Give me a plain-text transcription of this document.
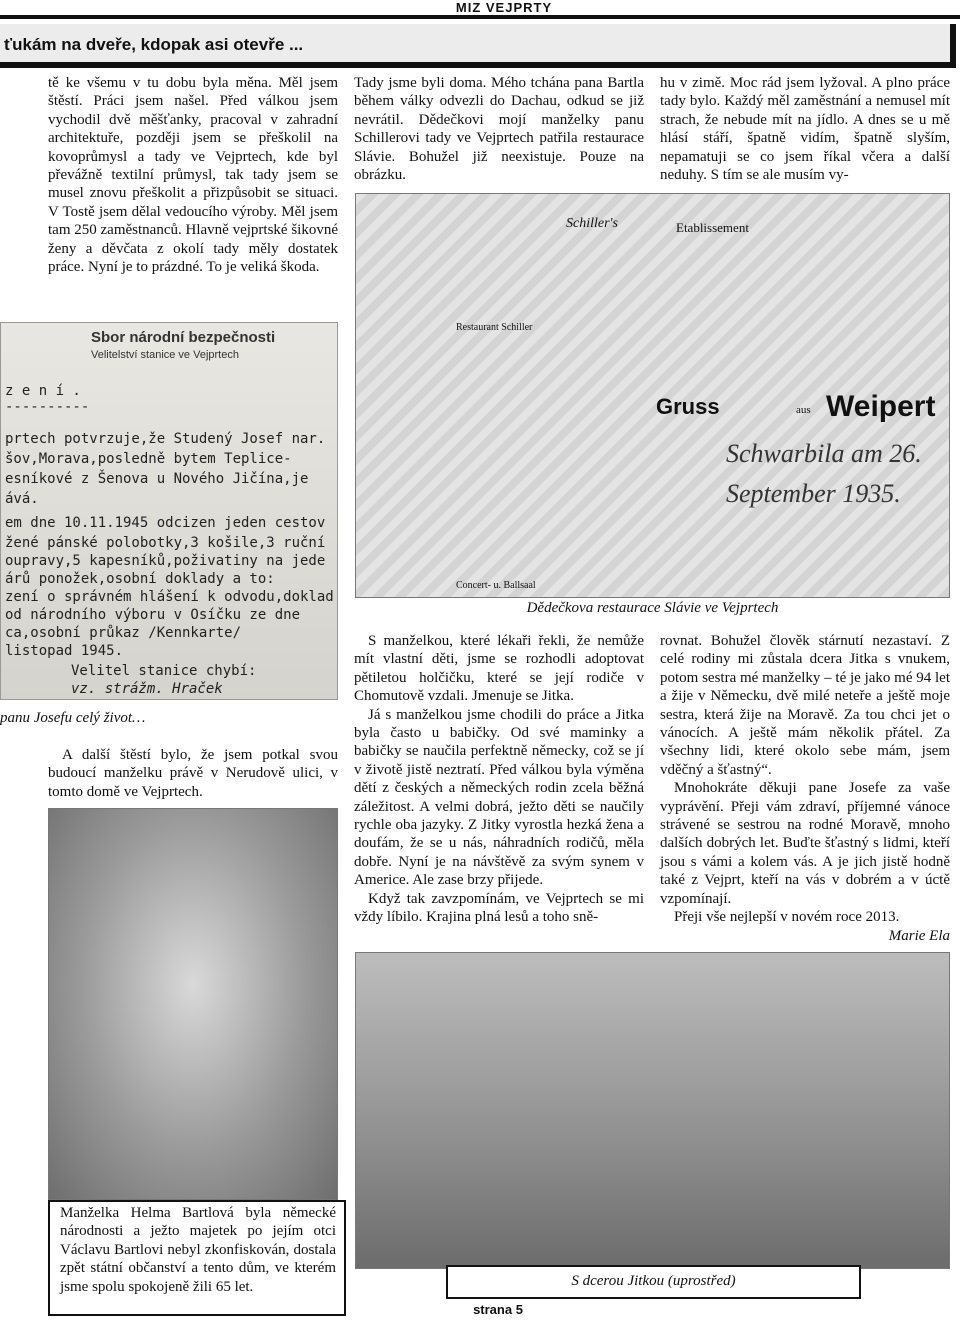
MIZ VEJPRTY
ťukám na dveře, kdopak asi otevře ...

tě ke všemu v tu dobu byla měna. Měl jsem štěstí. Práci jsem našel. Před válkou jsem vychodil dvě měšťanky, pracoval v zahradní architektuře, později jsem se přeškolil na kovoprůmysl a tady ve Vejprtech, kde byl převážně textilní průmysl, tak tady jsem se musel znovu přeškolit a přizpůsobit se situaci. V Tostě jsem dělal vedoucího výroby. Měl jsem tam 250 zaměstnanců. Hlavně vejprtské šikovné ženy a děvčata z okolí tady měly dostatek práce. Nyní je to prázdné. To je veliká škoda.

Tady jsme byli doma. Mého tchána pana Bartla během války odvezli do Dachau, odkud se již nevrátil. Dědečkovi mojí manželky panu Schillerovi tady ve Vejprtech patřila restaurace Slávie. Bohužel již neexistuje. Pouze na obrázku.

hu v zimě. Moc rád jsem lyžoval. A plno práce tady bylo. Každý měl zaměstnání a nemusel mít strach, že nebude mít na jídlo. A dnes se u mě hlásí stáří, špatně vidím, špatně slyším, nepamatuji se co jsem říkal včera a další neduhy. S tím se ale musím vy-

Sbor národní bezpečnosti
Velitelství stanice ve Vejprtech
z e n í .
----------
prtech potvrzuje,že Studený Josef nar.
šov,Morava,posledně bytem Teplice-
esníkové z Šenova u Nového Jičína,je
ává.
em dne 10.11.1945 odcizen jeden cestov
žené pánské polobotky,3 košile,3 ruční
oupravy,5 kapesníků,poživatiny na jede
árů ponožek,osobní doklady a to:
zení o správném hlášení k odvodu,doklad
od národního výboru v Osíčku ze dne
ca,osobní průkaz /Kennkarte/
listopad 1945.
Velitel stanice chybí:
vz. strážm. Hraček
panu Josefu celý život…

A další štěstí bylo, že jsem potkal svou budoucí manželku právě v Nerudově ulici, v tomto domě ve Vejprtech.

Schiller's	Etablissement
Restaurant Schiller
Gruss	aus Weipert
Concert- u. Ballsaal
Schwarbila am 26. September 1935.
Dědečkova restaurace Slávie ve Vejprtech

S manželkou, které lékaři řekli, že nemůže mít vlastní děti, jsme se rozhodli adoptovat pětiletou holčičku, které se její rodiče v Chomutově vzdali. Jmenuje se Jitka.

Já s manželkou jsme chodili do práce a Jitka byla často u babičky. Od své maminky a babičky se naučila perfektně německy, což se jí v životě jistě neztratí. Před válkou byla výměna dětí z českých a německých rodin zcela běžná záležitost. A velmi dobrá, ježto děti se naučily rychle oba jazyky. Z Jitky vyrostla hezká žena a doufám, že se u nás, náhradních rodičů, měla dobře. Nyní je na návštěvě za svým synem v Americe. Ale zase brzy přijede.

Když tak zavzpomínám, ve Vejprtech se mi vždy líbilo. Krajina plná lesů a toho sně-

rovnat. Bohužel člověk stárnutí nezastaví. Z celé rodiny mi zůstala dcera Jitka s vnukem, potom sestra mé manželky – té je jako mé 94 let a žije v Německu, dvě milé neteře a ještě moje sestra, která žije na Moravě. Za tou chci jet o vánocích. A ještě mám několik přátel. Za všechny lidi, které okolo sebe mám, jsem vděčný a šťastný“.

Mnohokráte děkuji pane Josefe za vaše vyprávění. Přeji vám zdraví, příjemné vánoce strávené se sestrou na rodné Moravě, mnoho dalších dobrých let. Buďte šťastný s lidmi, kteří jsou s vámi a kolem vás. A je jich jistě hodně také z Vejprt, kteří na vás v dobrém a v úctě vzpomínají.

Přeji vše nejlepší v novém roce 2013.

Marie Ela

Manželka Helma Bartlová byla německé národnosti a ježto majetek po jejím otci Václavu Bartlovi nebyl zkonfiskován, dostala zpět státní občanství a tento dům, ve kterém jsme spolu spokojeně žili 65 let.	S dcerou Jitkou (uprostřed)
strana 5
